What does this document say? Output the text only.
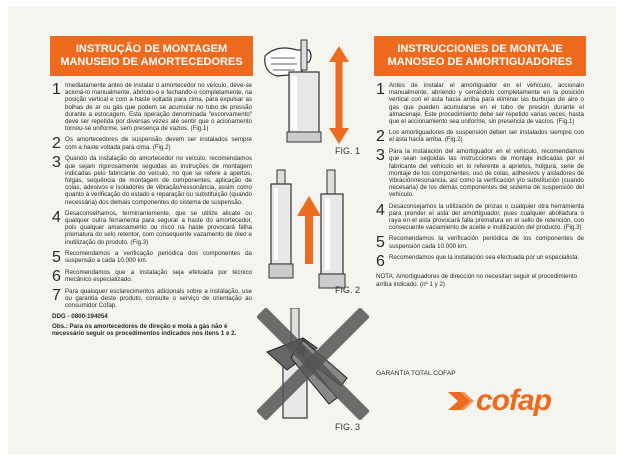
INSTRUÇÃO DE MONTAGEM
MANUSEIO DE AMORTECEDORES
1 Imediatamente antes de instalar o amortecedor no veículo, deve-se acioná-lo manualmente, abrindo-o e fechando-o completamente, na posição vertical e com a haste voltada para cima, para expulsar as bolhas de ar ou gás que podem se acumular no tubo de pressão durante a estocagem. Esta operação denominada "escorvamento" deve ser repetida por diversas vezes até sentir que o acionamento tornou-se uniforme, sem presença de vazios. (Fig.1)
2 Os amortecedores de suspensão devem ser instalados sempre com a haste voltada para cima. (Fig.2)
3 Quando da instalação do amortecedor no veículo, recomendamos que sejam rigorosamente seguidas as instruções de montagem indicadas pelo fabricante do veículo, no que se refere a apertos, folgas, sequência de montagem de componentes, aplicação de colas, adesivos e isoladores de vibração/ressonância, assim como quanto à verificação do estado e reparação ou substituição (quando necessária) dos demais componentes do sistema de suspensão.
4 Desaconselhamos, terminantemente, que se utilize alicate ou qualquer outra ferramenta para segurar a haste do amortecedor, pois qualquer amassamento ou risco na haste provocará falha prematura do selo retentor, com consequente vazamento de óleo e inutilização do produto. (Fig.3)
5 Recomendamos a verificação periódica dos componentes da suspensão a cada 10.000 km.
6 Recomendamos que a instalação seja efetuada por técnico mecânico especializado.
7 Para quaisquer esclarecimentos adicionais sobre a instalação, use ou garantia deste produto, consulte o serviço de orientação ao consumidor Cofap.
DDG - 0800-194054
Obs.: Para os amortecedores de direção e mola a gás não é necessário seguir os procedimentos indicados nos itens 1 e 2.
FIG. 1
FIG. 2
FIG. 3
INSTRUCCIONES DE MONTAJE
MANOSEO DE AMORTIGUADORES
1 Antes de instalar el amortiguador en el vehículo, accionalo manualmente, abriendo y cerrándolo completamente en la posición vertical con el asta hacia arriba para eliminar las burbujas de aire o gas que pueden acumularse en el tubo de presión durante el almacenaje. Este procedimiento debe ser repetido varias veces, hasta que el accionamiento sea uniforme, sin presencia de vacíos. (Fig.1)
2 Los amortiguadores de suspensión deben ser instalados siempre con el asta hacia arriba. (Fig.2)
3 Para la instalación del amortiguador en el vehículo, recomendamos que sean seguidas las instrucciones de montaje indicadas por el fabricante del vehículo en lo referente a aprietos, holgura, serie de montaje de los componentes, uso de colas, adhesivos y aisladores de vibración/resonancia, así como la verificación y/o substitución (cuando necesaria) de los demás componentes del sistema de suspensión del vehículo.
4 Desaconsejamos la utilización de pinzas o cualquier otra herramienta para prender el asta del amortiguador, pues cualquier abolladura o raya en el asta provocará falla prematura en el sello de retención, con consecuente vaciamiento de aceite e inutilización del producto. (Fig.3)
5 Recomendamos la verificación periódica de los componentes de suspensión cada 10.000 km.
6 Recomendamos que la instalación sea efectuada por un especialista.
NOTA: Amortiguadores de dirección no necesitan seguir el procedimiento arriba indicado. (nº 1 y 2)
GARANTIA TOTAL COFAP
cofap
